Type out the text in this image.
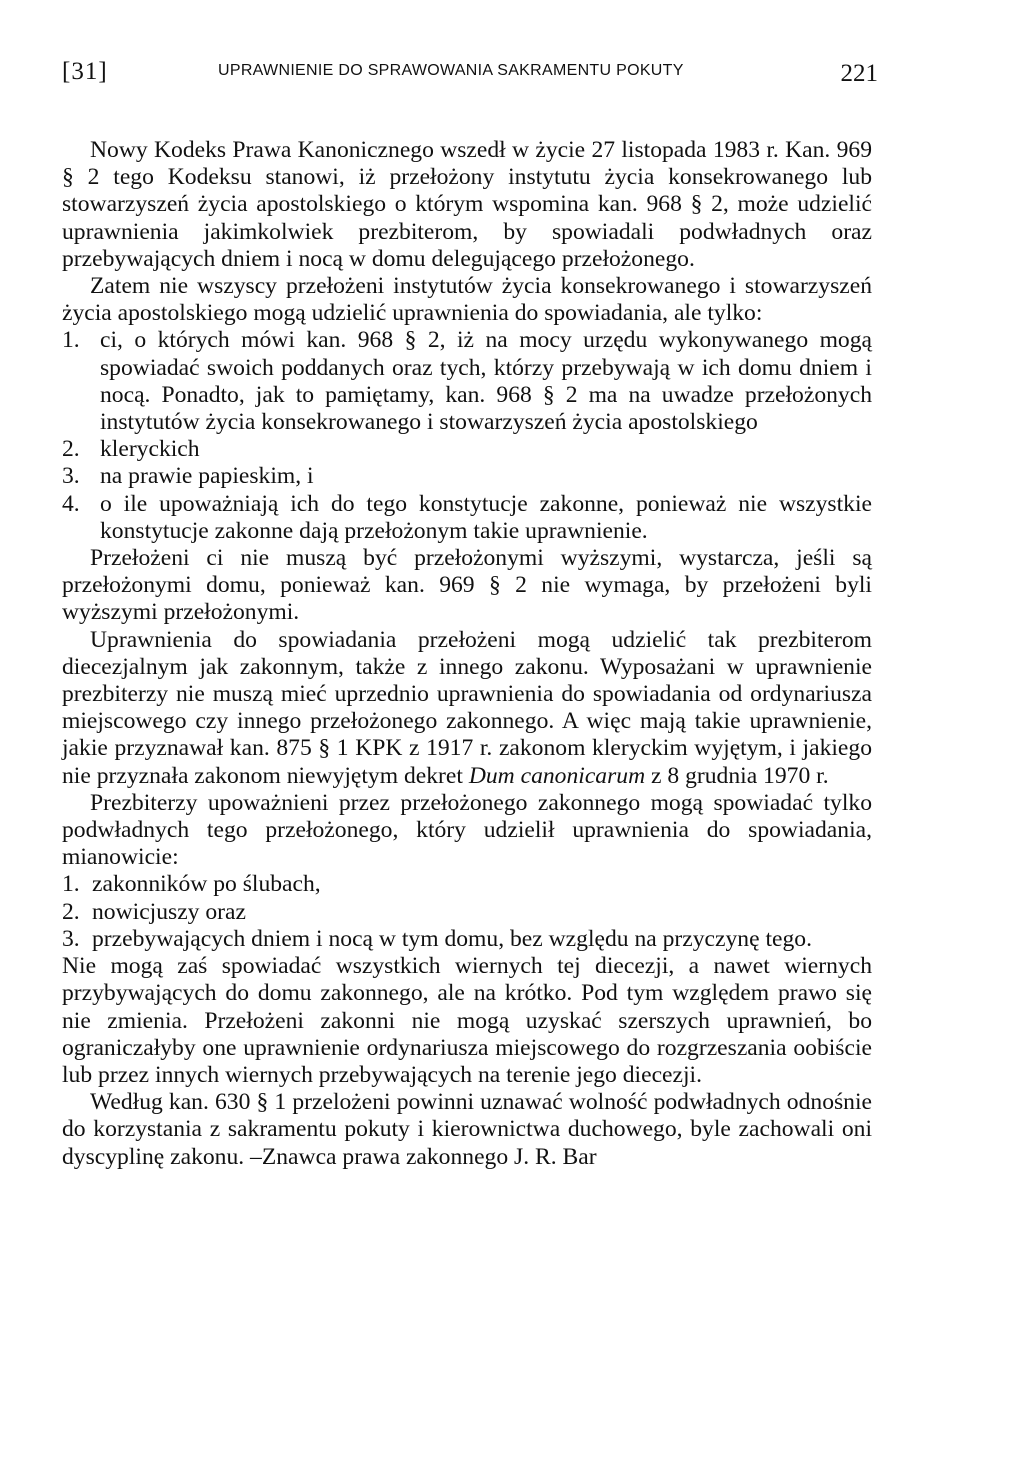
[31]	UPRAWNIENIE DO SPRAWOWANIA SAKRAMENTU POKUTY	221

Nowy Kodeks Prawa Kanonicznego wszedł w życie 27 listopada 1983 r. Kan. 969 § 2 tego Kodeksu stanowi, iż przełożony instytutu życia konsekrowanego lub stowarzyszeń życia apostolskiego o którym wspomina kan. 968 § 2, może udzielić uprawnienia jakimkolwiek prezbiterom, by spowiadali podwładnych oraz przebywających dniem i nocą w domu delegującego przełożonego.

Zatem nie wszyscy przełożeni instytutów życia konsekrowanego i stowarzyszeń życia apostolskiego mogą udzielić uprawnienia do spowiadania, ale tylko:

1. ci, o których mówi kan. 968 § 2, iż na mocy urzędu wykonywanego mogą spowiadać swoich poddanych oraz tych, którzy przebywają w ich domu dniem i nocą. Ponadto, jak to pamiętamy, kan. 968 § 2 ma na uwadze przełożonych instytutów życia konsekrowanego i stowarzyszeń życia apostolskiego
2. kleryckich
3. na prawie papieskim, i
4. o ile upoważniają ich do tego konstytucje zakonne, ponieważ nie wszystkie konstytucje zakonne dają przełożonym takie uprawnienie.

Przełożeni ci nie muszą być przełożonymi wyższymi, wystarcza, jeśli są przełożonymi domu, ponieważ kan. 969 § 2 nie wymaga, by przełożeni byli wyższymi przełożonymi.

Uprawnienia do spowiadania przełożeni mogą udzielić tak prezbiterom diecezjalnym jak zakonnym, także z innego zakonu. Wyposażani w uprawnienie prezbiterzy nie muszą mieć uprzednio uprawnienia do spowiadania od ordynariusza miejscowego czy innego przełożonego zakonnego. A więc mają takie uprawnienie, jakie przyznawał kan. 875 § 1 KPK z 1917 r. zakonom kleryckim wyjętym, i jakiego nie przyznała zakonom niewyjętym dekret Dum canonicarum z 8 grudnia 1970 r.

Prezbiterzy upoważnieni przez przełożonego zakonnego mogą spowiadać tylko podwładnych tego przełożonego, który udzielił uprawnienia do spowiadania, mianowicie:

1. zakonników po ślubach,
2. nowicjuszy oraz
3. przebywających dniem i nocą w tym domu, bez względu na przyczynę tego.

Nie mogą zaś spowiadać wszystkich wiernych tej diecezji, a nawet wiernych przybywających do domu zakonnego, ale na krótko. Pod tym względem prawo się nie zmienia. Przełożeni zakonni nie mogą uzyskać szerszych uprawnień, bo ograniczałyby one uprawnienie ordynariusza miejscowego do rozgrzeszania oobiście lub przez innych wiernych przebywających na terenie jego diecezji.

Według kan. 630 § 1 przelożeni powinni uznawać wolność podwładnych odnośnie do korzystania z sakramentu pokuty i kierownictwa duchowego, byle zachowali oni dyscyplinę zakonu. –Znawca prawa zakonnego J. R. Bar
